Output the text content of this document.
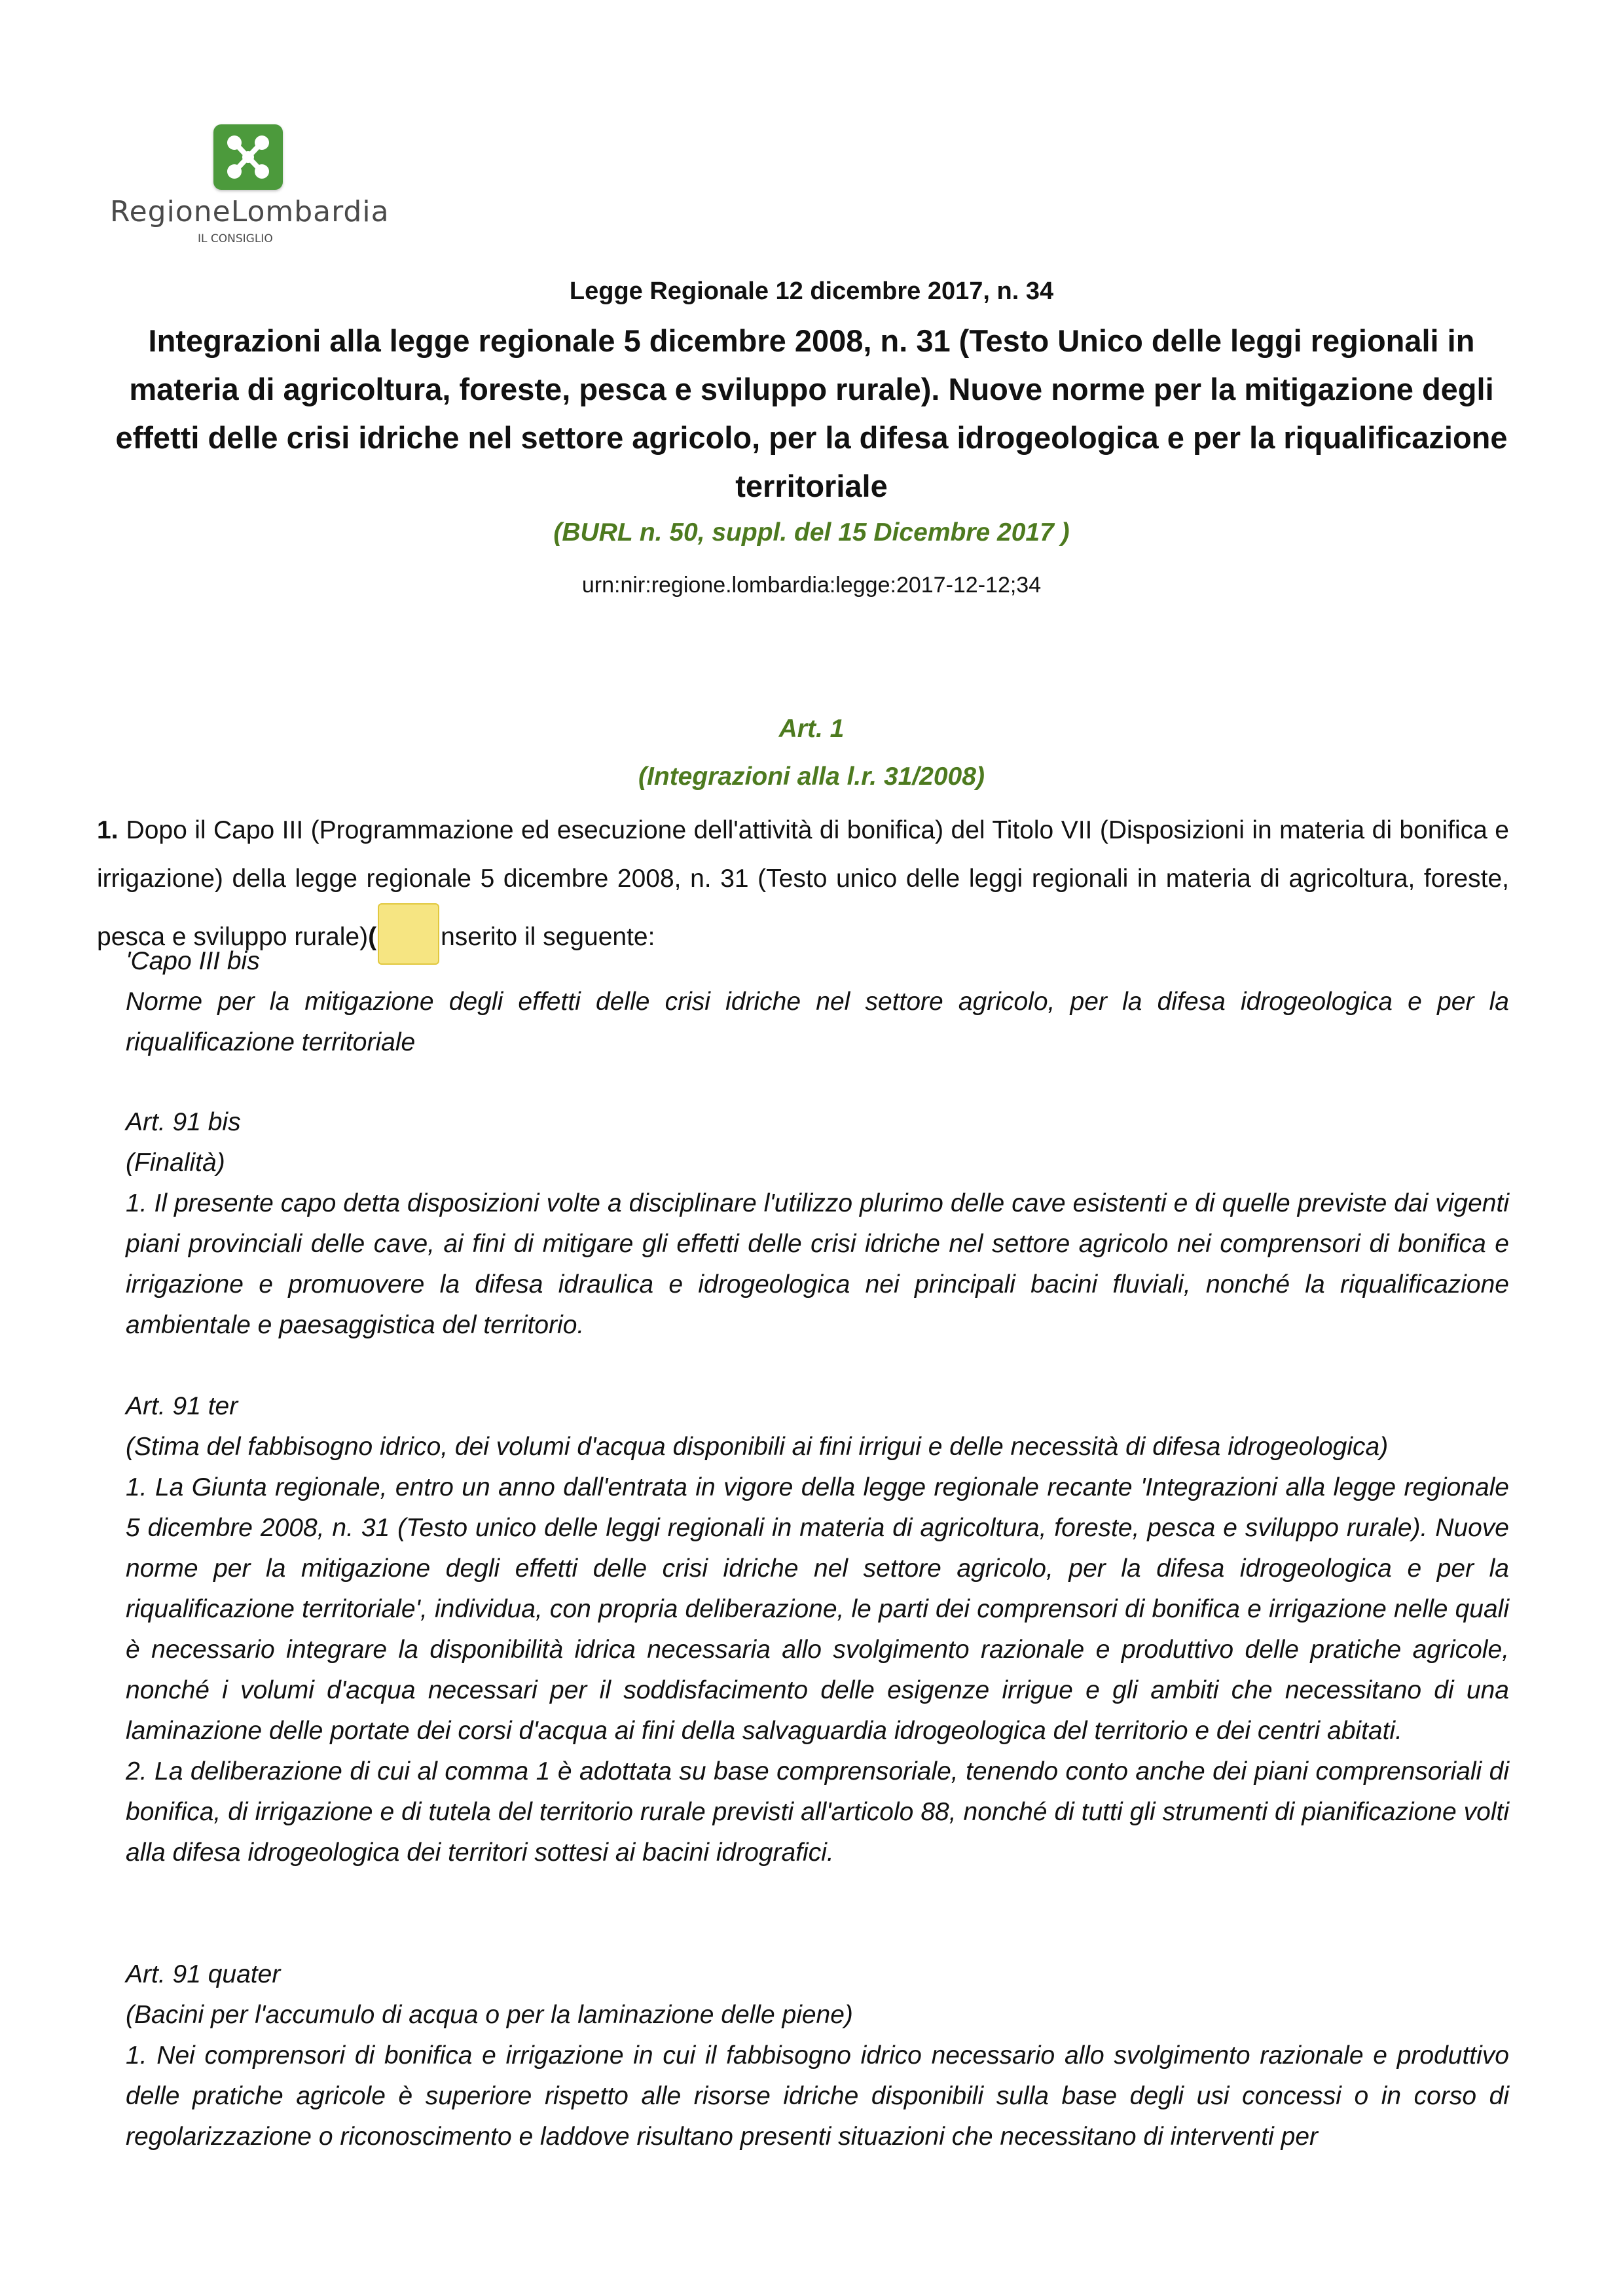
RegioneLombardia
IL CONSIGLIO
Legge Regionale 12 dicembre 2017, n. 34
Integrazioni alla legge regionale 5 dicembre 2008, n. 31 (Testo Unico delle leggi regionali in materia di agricoltura, foreste, pesca e sviluppo rurale). Nuove norme per la mitigazione degli effetti delle crisi idriche nel settore agricolo, per la difesa idrogeologica e per la riqualificazione territoriale
(BURL n. 50, suppl. del 15 Dicembre 2017 )
urn:nir:regione.lombardia:legge:2017-12-12;34
Art. 1
(Integrazioni alla l.r. 31/2008)
1. Dopo il Capo III (Programmazione ed esecuzione dell'attività di bonifica) del Titolo VII (Disposizioni in materia di bonifica e irrigazione) della legge regionale 5 dicembre 2008, n. 31 (Testo unico delle leggi regionali in materia di agricoltura, foreste, pesca e sviluppo rurale)(	nserito il seguente:
'Capo III bis
Norme per la mitigazione degli effetti delle crisi idriche nel settore agricolo, per la difesa idrogeologica e per la riqualificazione territoriale
Art. 91 bis
(Finalità)
1. Il presente capo detta disposizioni volte a disciplinare l'utilizzo plurimo delle cave esistenti e di quelle previste dai vigenti piani provinciali delle cave, ai fini di mitigare gli effetti delle crisi idriche nel settore agricolo nei comprensori di bonifica e irrigazione e promuovere la difesa idraulica e idrogeologica nei principali bacini fluviali, nonché la riqualificazione ambientale e paesaggistica del territorio.
Art. 91 ter
(Stima del fabbisogno idrico, dei volumi d'acqua disponibili ai fini irrigui e delle necessità di difesa idrogeologica)
1. La Giunta regionale, entro un anno dall'entrata in vigore della legge regionale recante 'Integrazioni alla legge regionale 5 dicembre 2008, n. 31 (Testo unico delle leggi regionali in materia di agricoltura, foreste, pesca e sviluppo rurale). Nuove norme per la mitigazione degli effetti delle crisi idriche nel settore agricolo, per la difesa idrogeologica e per la riqualificazione territoriale', individua, con propria deliberazione, le parti dei comprensori di bonifica e irrigazione nelle quali è necessario integrare la disponibilità idrica necessaria allo svolgimento razionale e produttivo delle pratiche agricole, nonché i volumi d'acqua necessari per il soddisfacimento delle esigenze irrigue e gli ambiti che necessitano di una laminazione delle portate dei corsi d'acqua ai fini della salvaguardia idrogeologica del territorio e dei centri abitati.
2. La deliberazione di cui al comma 1 è adottata su base comprensoriale, tenendo conto anche dei piani comprensoriali di bonifica, di irrigazione e di tutela del territorio rurale previsti all'articolo 88, nonché di tutti gli strumenti di pianificazione volti alla difesa idrogeologica dei territori sottesi ai bacini idrografici.
Art. 91 quater
(Bacini per l'accumulo di acqua o per la laminazione delle piene)
1. Nei comprensori di bonifica e irrigazione in cui il fabbisogno idrico necessario allo svolgimento razionale e produttivo delle pratiche agricole è superiore rispetto alle risorse idriche disponibili sulla base degli usi concessi o in corso di regolarizzazione o riconoscimento e laddove risultano presenti situazioni che necessitano di interventi per
